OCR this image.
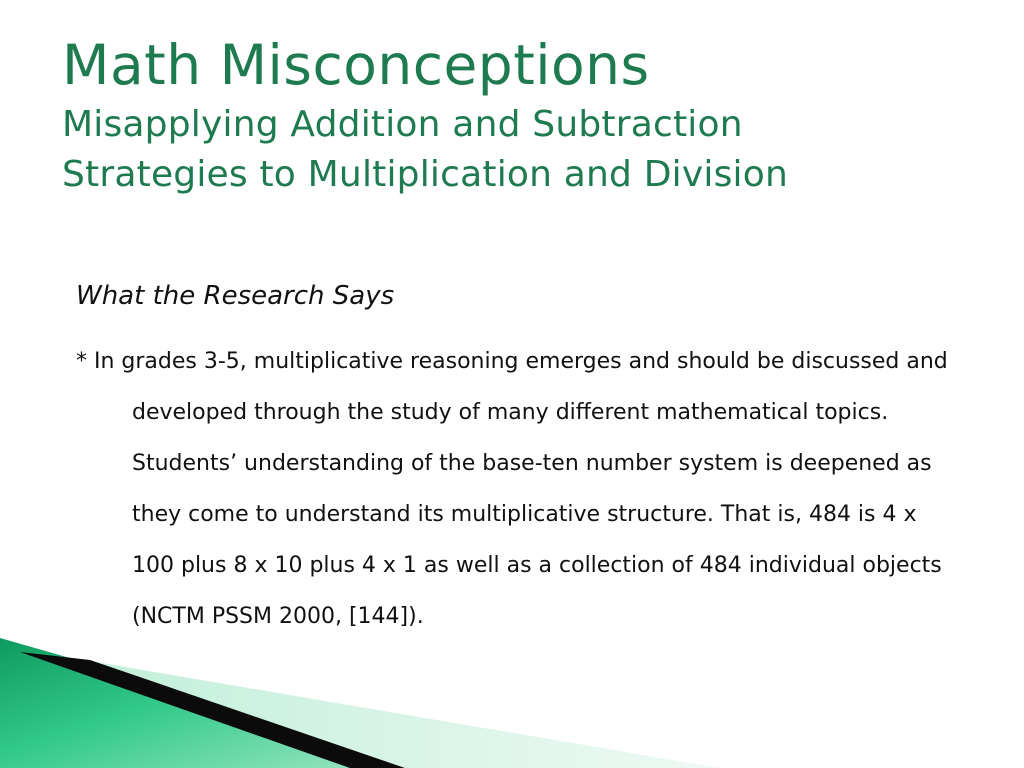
Math Misconceptions
Misapplying Addition and Subtraction
Strategies to Multiplication and Division

What the Research Says

* In grades 3-5, multiplicative reasoning emerges and should be discussed and developed through the study of many different mathematical topics. Students’ understanding of the base-ten number system is deepened as they come to understand its multiplicative structure. That is, 484 is 4 x 100 plus 8 x 10 plus 4 x 1 as well as a collection of 484 individual objects (NCTM PSSM 2000, [144]).
